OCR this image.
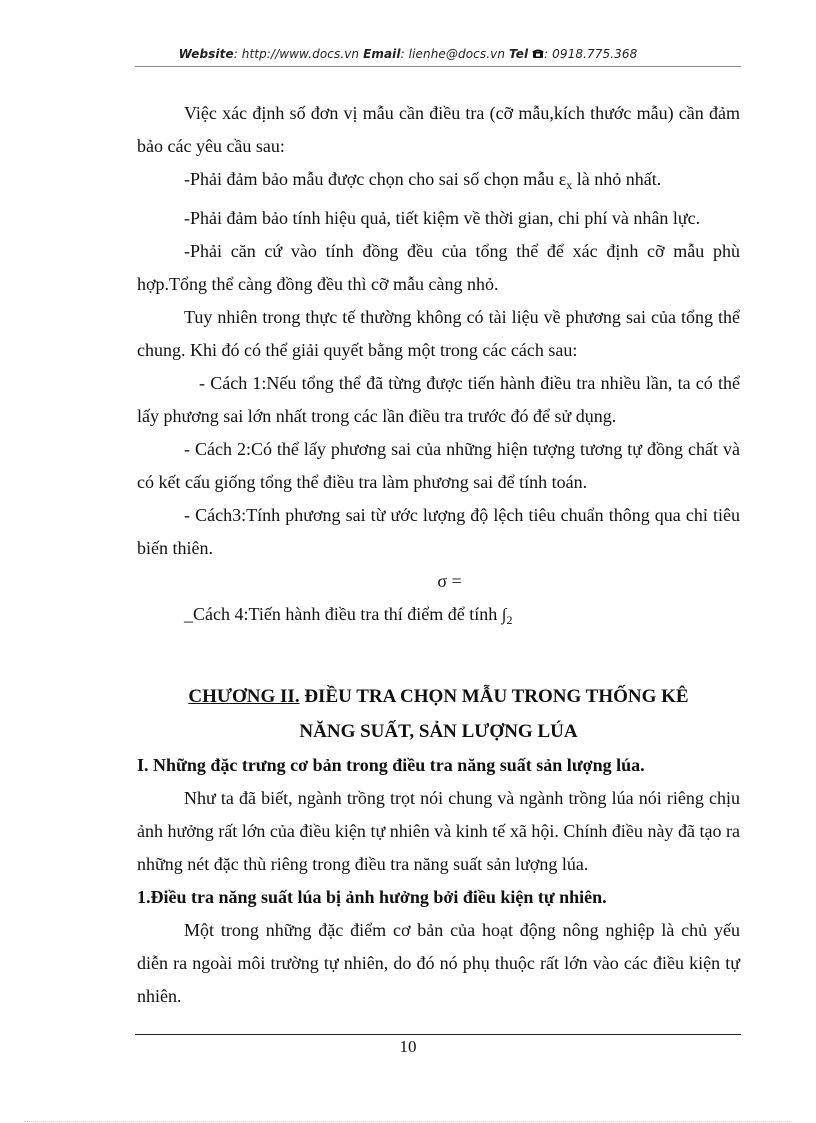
Website: http://www.docs.vn Email: lienhe@docs.vn Tel : 0918.775.368

Việc xác định số đơn vị mẫu cần điều tra (cỡ mẫu,kích thước mẫu) cần đảm bảo các yêu cầu sau:

-Phải đảm bảo mẫu được chọn cho sai số chọn mẫu $\varepsilon_x$ là nhỏ nhất.

-Phải đảm bảo tính hiệu quả, tiết kiệm về thời gian, chi phí và nhân lực.

-Phải căn cứ vào tính đồng đều của tổng thể để xác định cỡ mẫu phù hợp.Tổng thể càng đồng đều thì cỡ mẫu càng nhỏ.

Tuy nhiên trong thực tế thường không có tài liệu về phương sai của tổng thể chung. Khi đó có thể giải quyết bằng một trong các cách sau:

- Cách 1:Nếu tổng thể đã từng được tiến hành điều tra nhiều lần, ta có thể lấy phương sai lớn nhất trong các lần điều tra trước đó để sử dụng.

- Cách 2:Có thể lấy phương sai của những hiện tượng tương tự đồng chất và có kết cấu giống tổng thể điều tra làm phương sai để tính toán.

- Cách3:Tính phương sai từ ước lượng độ lệch tiêu chuẩn thông qua chỉ tiêu biến thiên.

σ =

_Cách 4:Tiến hành điều tra thí điểm để tính $\int_2$

CHƯƠNG II. ĐIỀU TRA CHỌN MẪU TRONG THỐNG KÊ
NĂNG SUẤT, SẢN LƯỢNG LÚA

I. Những đặc trưng cơ bản trong điều tra năng suất sản lượng lúa.

Như ta đã biết, ngành trồng trọt nói chung và ngành trồng lúa nói riêng chịu ảnh hưởng rất lớn của điều kiện tự nhiên và kinh tế xã hội. Chính điều này đã tạo ra những nét đặc thù riêng trong điều tra năng suất sản lượng lúa.

1.Điều tra năng suất lúa bị ảnh hưởng bởi điều kiện tự nhiên.

Một trong những đặc điểm cơ bản của hoạt động nông nghiệp là chủ yếu diễn ra ngoài môi trường tự nhiên, do đó nó phụ thuộc rất lớn vào các điều kiện tự nhiên.

10
